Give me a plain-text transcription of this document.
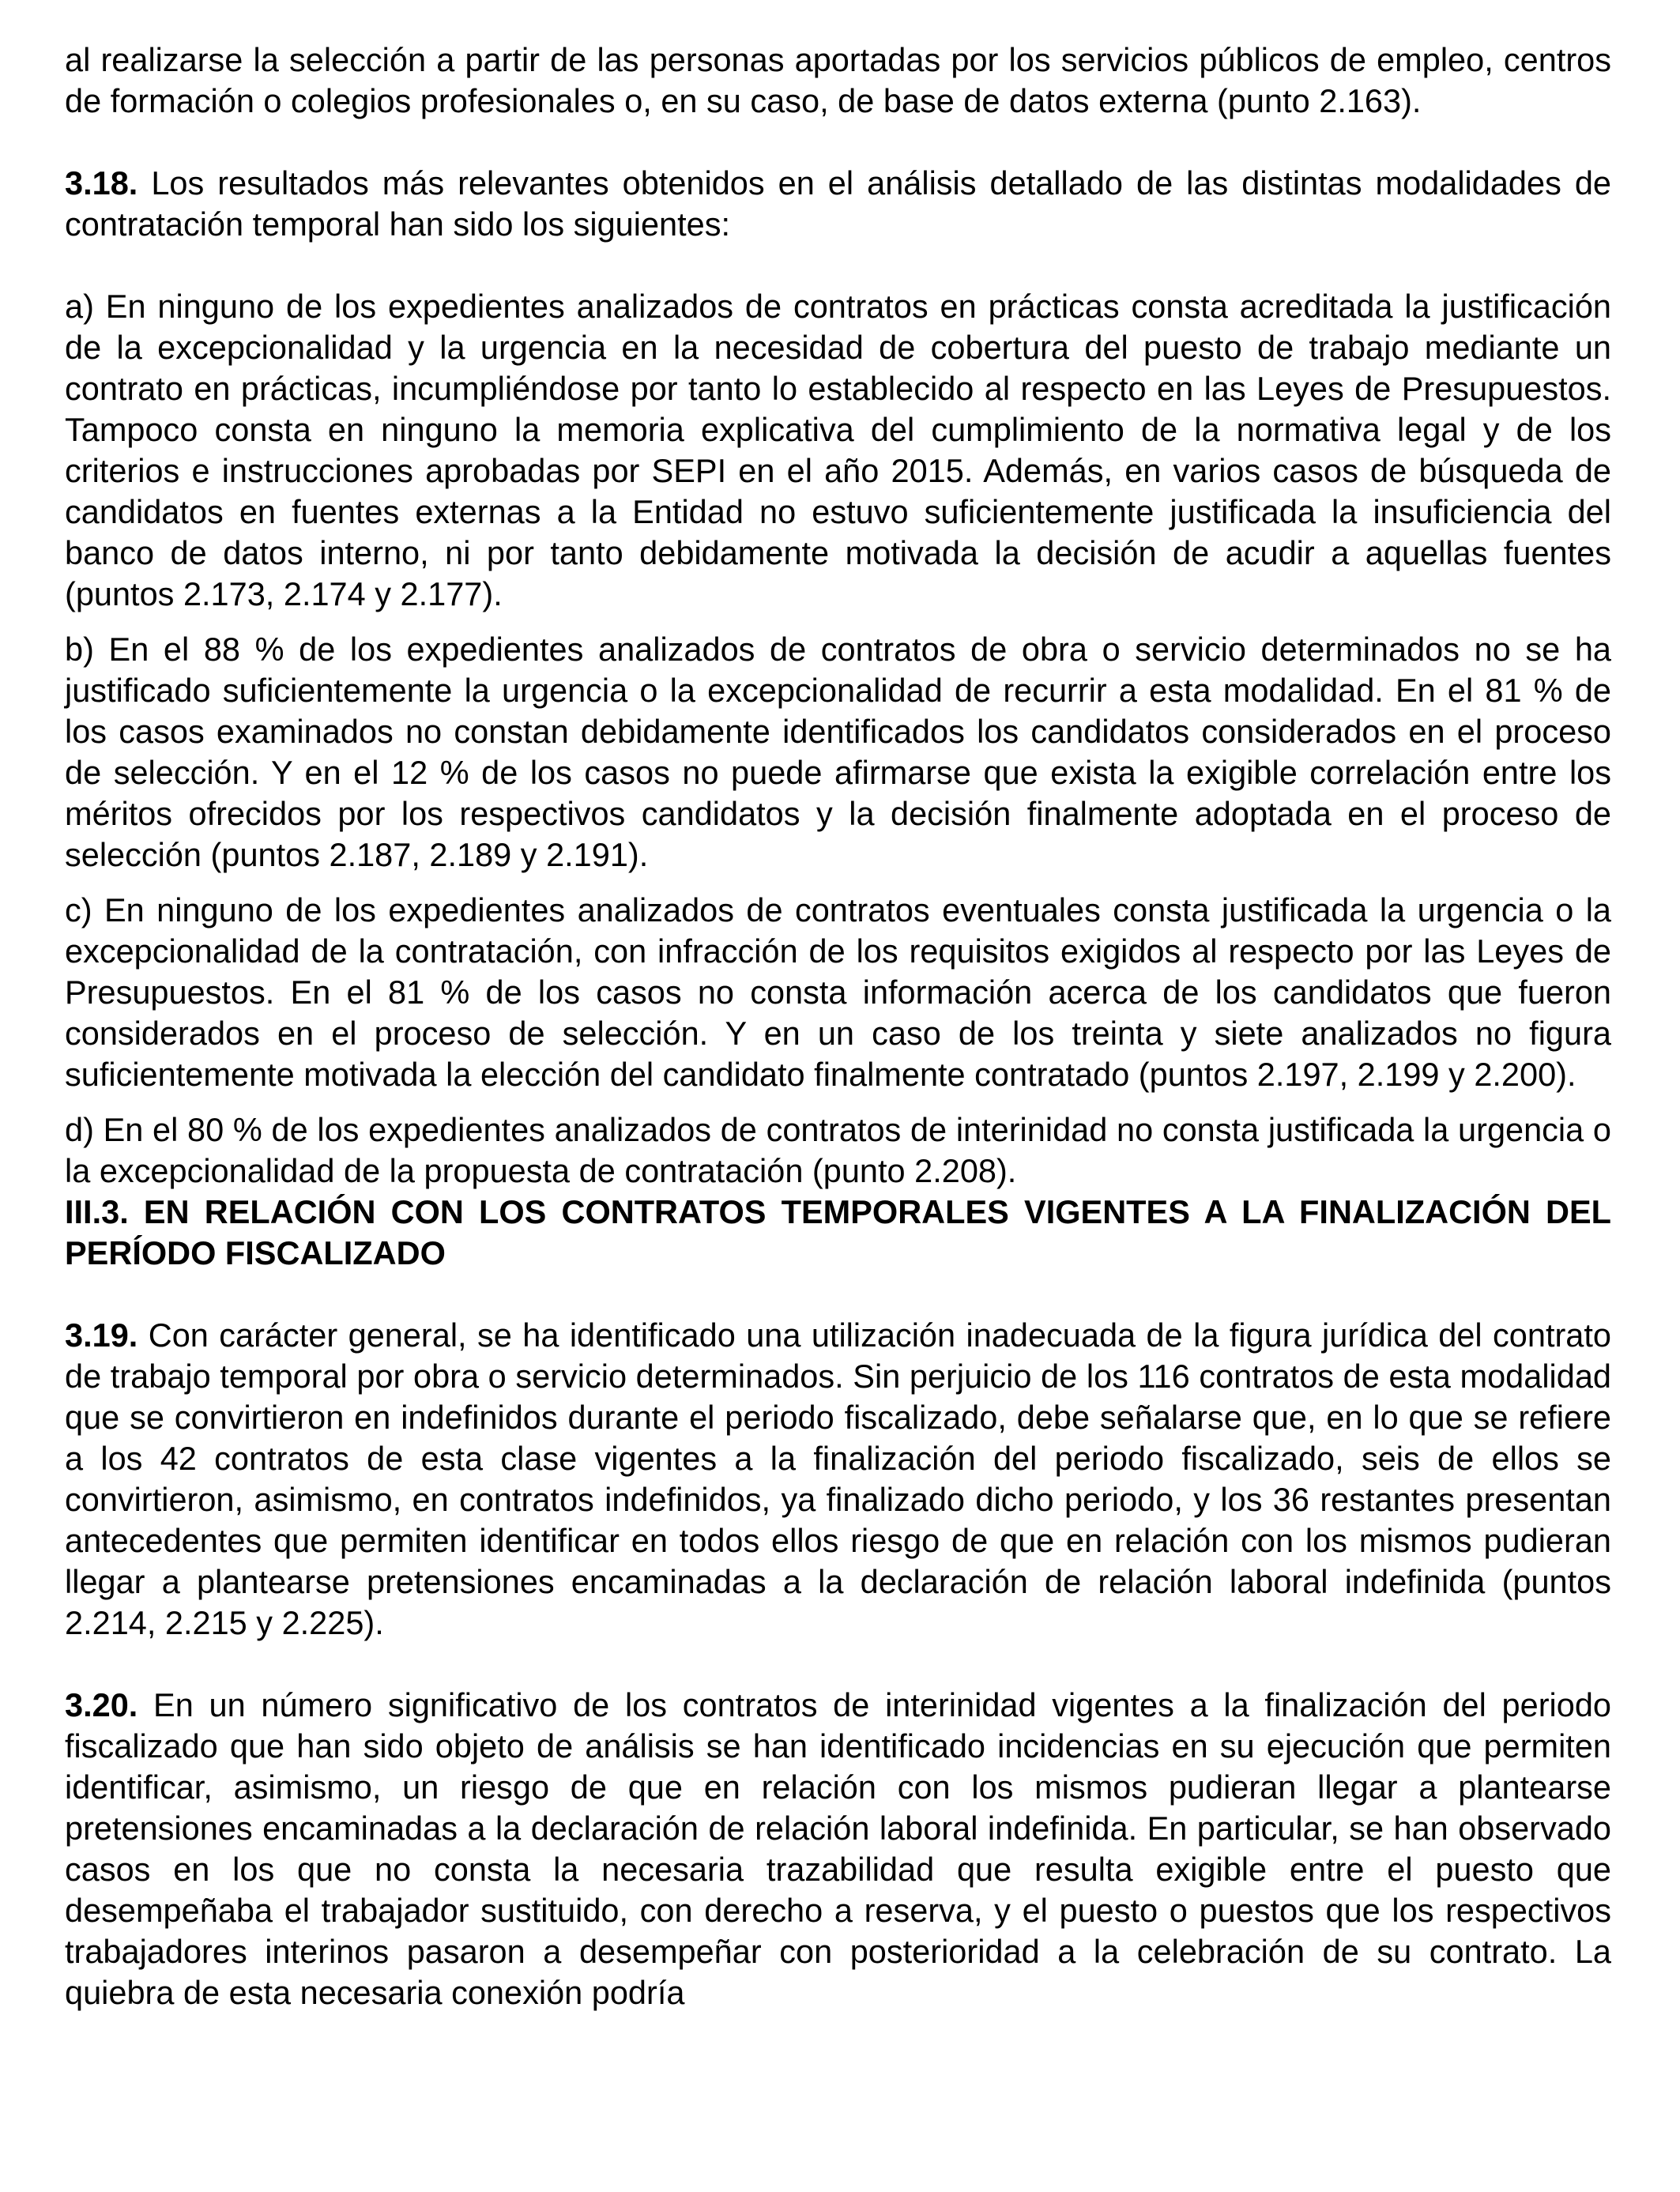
al realizarse la selección a partir de las personas aportadas por los servicios públicos de empleo, centros de formación o colegios profesionales o, en su caso, de base de datos externa (punto 2.163).

3.18. Los resultados más relevantes obtenidos en el análisis detallado de las distintas modalidades de contratación temporal han sido los siguientes:

a) En ninguno de los expedientes analizados de contratos en prácticas consta acreditada la justificación de la excepcionalidad y la urgencia en la necesidad de cobertura del puesto de trabajo mediante un contrato en prácticas, incumpliéndose por tanto lo establecido al respecto en las Leyes de Presupuestos. Tampoco consta en ninguno la memoria explicativa del cumplimiento de la normativa legal y de los criterios e instrucciones aprobadas por SEPI en el año 2015. Además, en varios casos de búsqueda de candidatos en fuentes externas a la Entidad no estuvo suficientemente justificada la insuficiencia del banco de datos interno, ni por tanto debidamente motivada la decisión de acudir a aquellas fuentes (puntos 2.173, 2.174 y 2.177).

b) En el 88 % de los expedientes analizados de contratos de obra o servicio determinados no se ha justificado suficientemente la urgencia o la excepcionalidad de recurrir a esta modalidad. En el 81 % de los casos examinados no constan debidamente identificados los candidatos considerados en el proceso de selección. Y en el 12 % de los casos no puede afirmarse que exista la exigible correlación entre los méritos ofrecidos por los respectivos candidatos y la decisión finalmente adoptada en el proceso de selección (puntos 2.187, 2.189 y 2.191).

c) En ninguno de los expedientes analizados de contratos eventuales consta justificada la urgencia o la excepcionalidad de la contratación, con infracción de los requisitos exigidos al respecto por las Leyes de Presupuestos. En el 81 % de los casos no consta información acerca de los candidatos que fueron considerados en el proceso de selección. Y en un caso de los treinta y siete analizados no figura suficientemente motivada la elección del candidato finalmente contratado (puntos 2.197, 2.199 y 2.200).

d) En el 80 % de los expedientes analizados de contratos de interinidad no consta justificada la urgencia o la excepcionalidad de la propuesta de contratación (punto 2.208).

III.3. EN RELACIÓN CON LOS CONTRATOS TEMPORALES VIGENTES A LA FINALIZACIÓN DEL PERÍODO FISCALIZADO

3.19. Con carácter general, se ha identificado una utilización inadecuada de la figura jurídica del contrato de trabajo temporal por obra o servicio determinados. Sin perjuicio de los 116 contratos de esta modalidad que se convirtieron en indefinidos durante el periodo fiscalizado, debe señalarse que, en lo que se refiere a los 42 contratos de esta clase vigentes a la finalización del periodo fiscalizado, seis de ellos se convirtieron, asimismo, en contratos indefinidos, ya finalizado dicho periodo, y los 36 restantes presentan antecedentes que permiten identificar en todos ellos riesgo de que en relación con los mismos pudieran llegar a plantearse pretensiones encaminadas a la declaración de relación laboral indefinida (puntos 2.214, 2.215 y 2.225).

3.20. En un número significativo de los contratos de interinidad vigentes a la finalización del periodo fiscalizado que han sido objeto de análisis se han identificado incidencias en su ejecución que permiten identificar, asimismo, un riesgo de que en relación con los mismos pudieran llegar a plantearse pretensiones encaminadas a la declaración de relación laboral indefinida. En particular, se han observado casos en los que no consta la necesaria trazabilidad que resulta exigible entre el puesto que desempeñaba el trabajador sustituido, con derecho a reserva, y el puesto o puestos que los respectivos trabajadores interinos pasaron a desempeñar con posterioridad a la celebración de su contrato. La quiebra de esta necesaria conexión podría
